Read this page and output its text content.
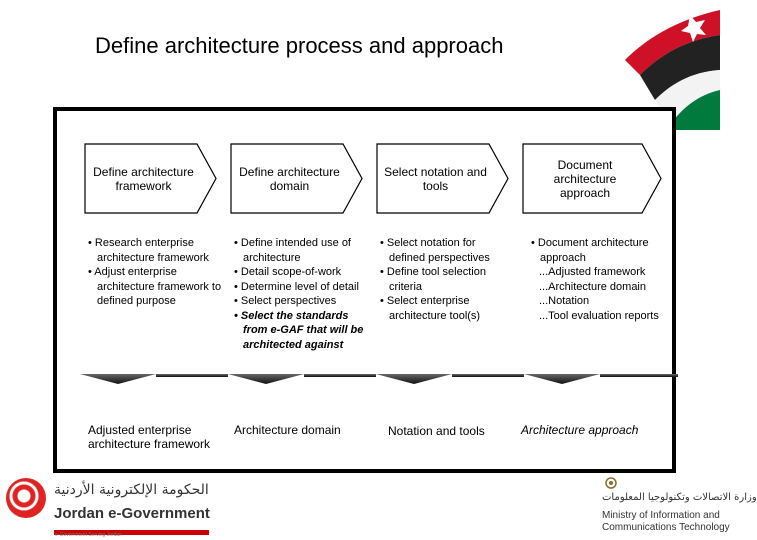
Define architecture process and approach
Define architecture framework
Define architecture domain
Select notation and tools
Document architecture approach
• Research enterprise architecture framework
• Adjust enterprise architecture framework to defined purpose
• Define intended use of architecture
• Detail scope-of-work
• Determine level of detail
• Select perspectives
• Select the standards from e-GAF that will be architected against
• Select notation for defined perspectives
• Define tool selection criteria
• Select enterprise architecture tool(s)
• Document architecture approach
...Adjusted framework
...Architecture domain
...Notation
...Tool evaluation reports
Adjusted enterprise architecture framework
Architecture domain	Notation and tools	Architecture approach
الحكومة الإلكترونية الأردنية
Jordan e-Government
e-Government Serving Jordan
وزارة الاتصالات وتكنولوجيا المعلومات
Ministry of Information and
Communications Technology
